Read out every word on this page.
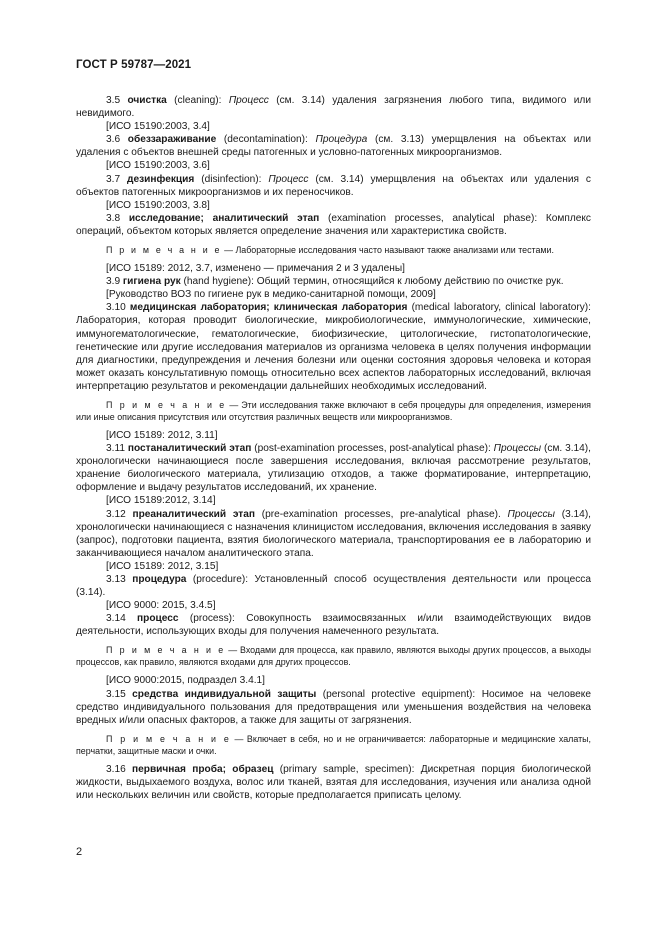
ГОСТ Р 59787—2021

3.5 очистка (cleaning): Процесс (см. 3.14) удаления загрязнения любого типа, видимого или невидимого.

[ИСО 15190:2003, 3.4]

3.6 обеззараживание (decontamination): Процедура (см. 3.13) умерщвления на объектах или удаления с объектов внешней среды патогенных и условно-патогенных микроорганизмов.

[ИСО 15190:2003, 3.6]

3.7 дезинфекция (disinfection): Процесс (см. 3.14) умерщвления на объектах или удаления с объектов патогенных микроорганизмов и их переносчиков.

[ИСО 15190:2003, 3.8]

3.8 исследование; аналитический этап (examination processes, analytical phase): Комплекс операций, объектом которых является определение значения или характеристика свойств.

П р и м е ч а н и е — Лабораторные исследования часто называют также анализами или тестами.

[ИСО 15189: 2012, 3.7, изменено — примечания 2 и 3 удалены]

3.9 гигиена рук (hand hygiene): Общий термин, относящийся к любому действию по очистке рук.

[Руководство ВОЗ по гигиене рук в медико-санитарной помощи, 2009]

3.10 медицинская лаборатория; клиническая лаборатория (medical laboratory, clinical laboratory): Лаборатория, которая проводит биологические, микробиологические, иммунологические, химические, иммуногематологические, гематологические, биофизические, цитологические, гистопатологические, генетические или другие исследования материалов из организма человека в целях получения информации для диагностики, предупреждения и лечения болезни или оценки состояния здоровья человека и которая может оказать консультативную помощь относительно всех аспектов лабораторных исследований, включая интерпретацию результатов и рекомендации дальнейших необходимых исследований.

П р и м е ч а н и е — Эти исследования также включают в себя процедуры для определения, измерения или иные описания присутствия или отсутствия различных веществ или микроорганизмов.

[ИСО 15189: 2012, 3.11]

3.11 постаналитический этап (post-examination processes, post-analytical phase): Процессы (см. 3.14), хронологически начинающиеся после завершения исследования, включая рассмотрение результатов, хранение биологического материала, утилизацию отходов, а также форматирование, интерпретацию, оформление и выдачу результатов исследований, их хранение.

[ИСО 15189:2012, 3.14]

3.12 преаналитический этап (pre-examination processes, pre-analytical phase). Процессы (3.14), хронологически начинающиеся с назначения клиницистом исследования, включения исследования в заявку (запрос), подготовки пациента, взятия биологического материала, транспортирования ее в лабораторию и заканчивающиеся началом аналитического этапа.

[ИСО 15189: 2012, 3.15]

3.13 процедура (procedure): Установленный способ осуществления деятельности или процесса (3.14).

[ИСО 9000: 2015, 3.4.5]

3.14 процесс (process): Совокупность взаимосвязанных и/или взаимодействующих видов деятельности, использующих входы для получения намеченного результата.

П р и м е ч а н и е — Входами для процесса, как правило, являются выходы других процессов, а выходы процессов, как правило, являются входами для других процессов.

[ИСО 9000:2015, подраздел 3.4.1]

3.15 средства индивидуальной защиты (personal protective equipment): Носимое на человеке средство индивидуального пользования для предотвращения или уменьшения воздействия на человека вредных и/или опасных факторов, а также для защиты от загрязнения.

П р и м е ч а н и е — Включает в себя, но и не ограничивается: лабораторные и медицинские халаты, перчатки, защитные маски и очки.

3.16 первичная проба; образец (primary sample, specimen): Дискретная порция биологической жидкости, выдыхаемого воздуха, волос или тканей, взятая для исследования, изучения или анализа одной или нескольких величин или свойств, которые предполагается приписать целому.

2
